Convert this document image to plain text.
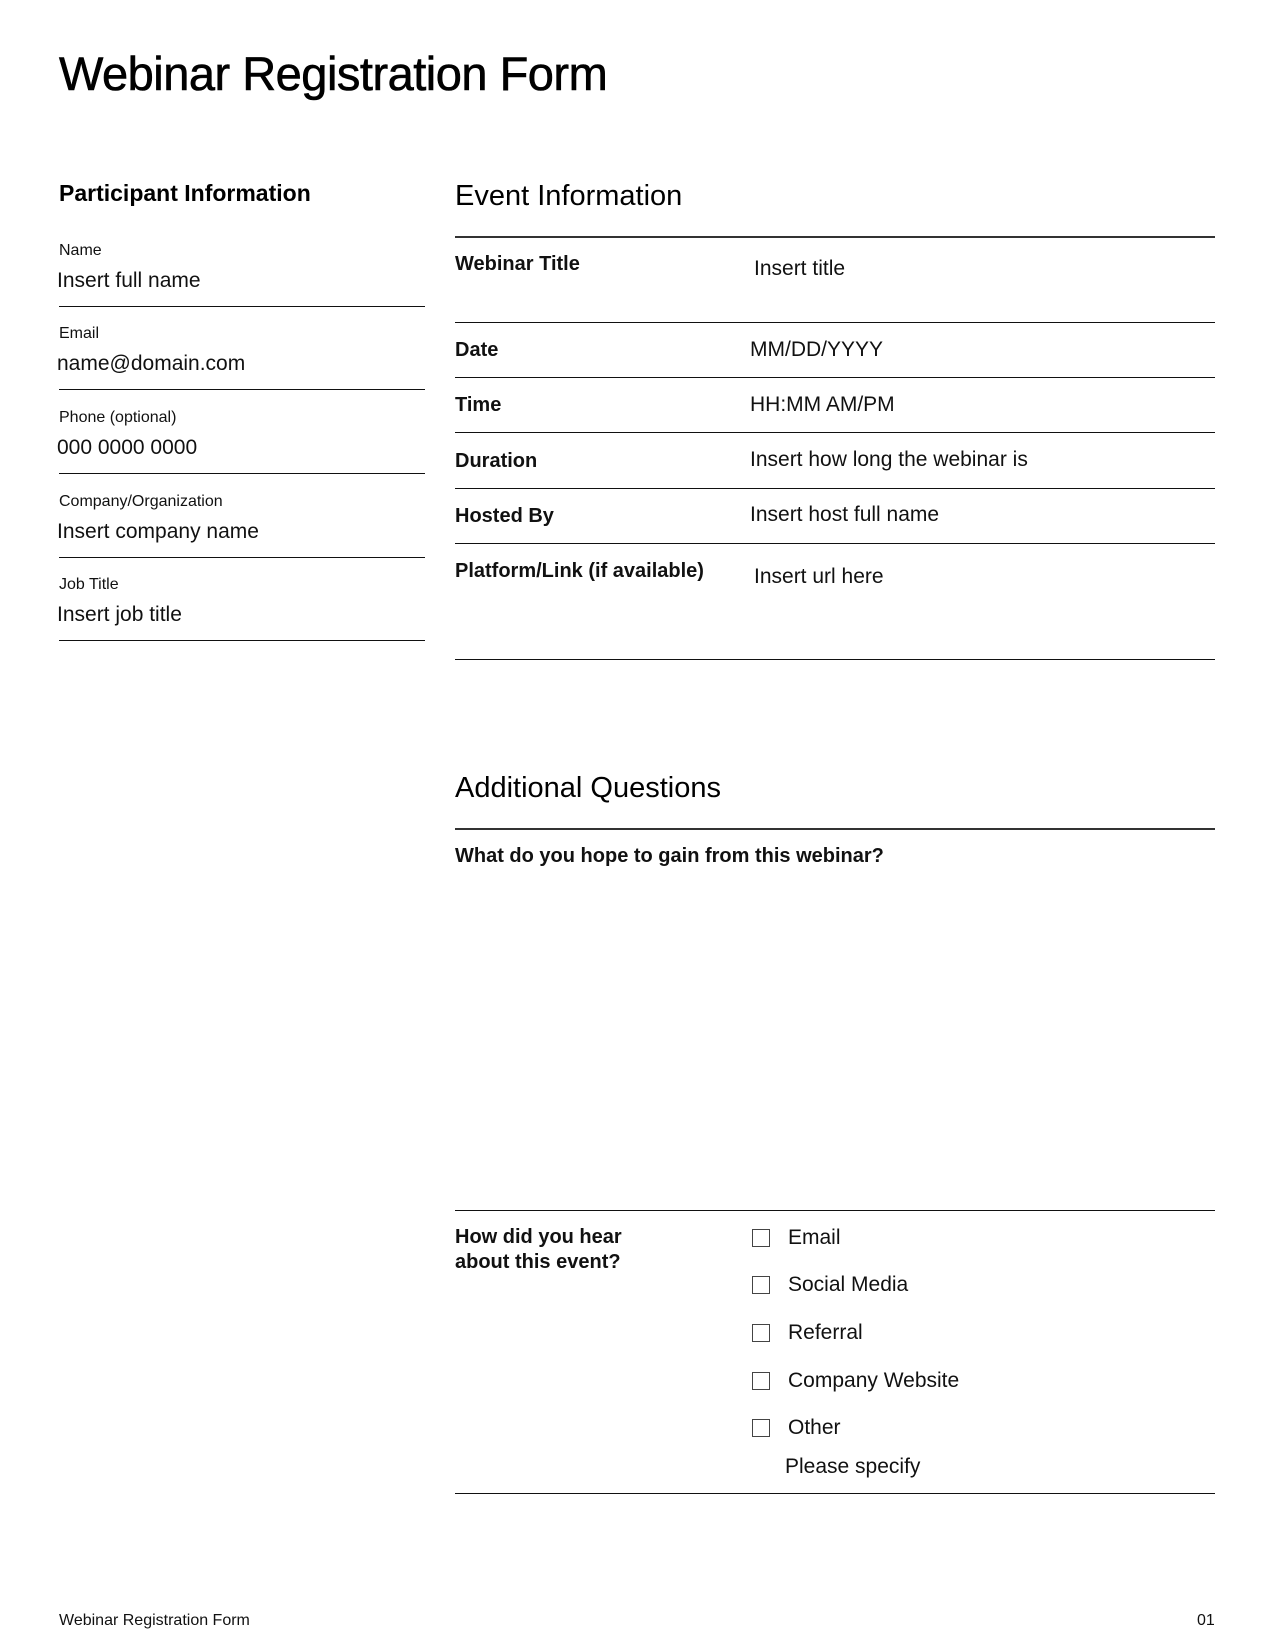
Webinar Registration Form
Participant Information
Name
Insert full name
Email
name@domain.com
Phone (optional)
000 0000 0000
Company/Organization
Insert company name
Job Title
Insert job title
Event Information
Webinar Title	Insert title
Date	MM/DD/YYYY
Time	HH:MM AM/PM
Duration	Insert how long the webinar is
Hosted By	Insert host full name
Platform/Link (if available) Insert url here
Additional Questions
What do you hope to gain from this webinar?
How did you hear
about this event?
Email
Social Media
Referral
Company Website
Other
Please specify
Webinar Registration Form	01
